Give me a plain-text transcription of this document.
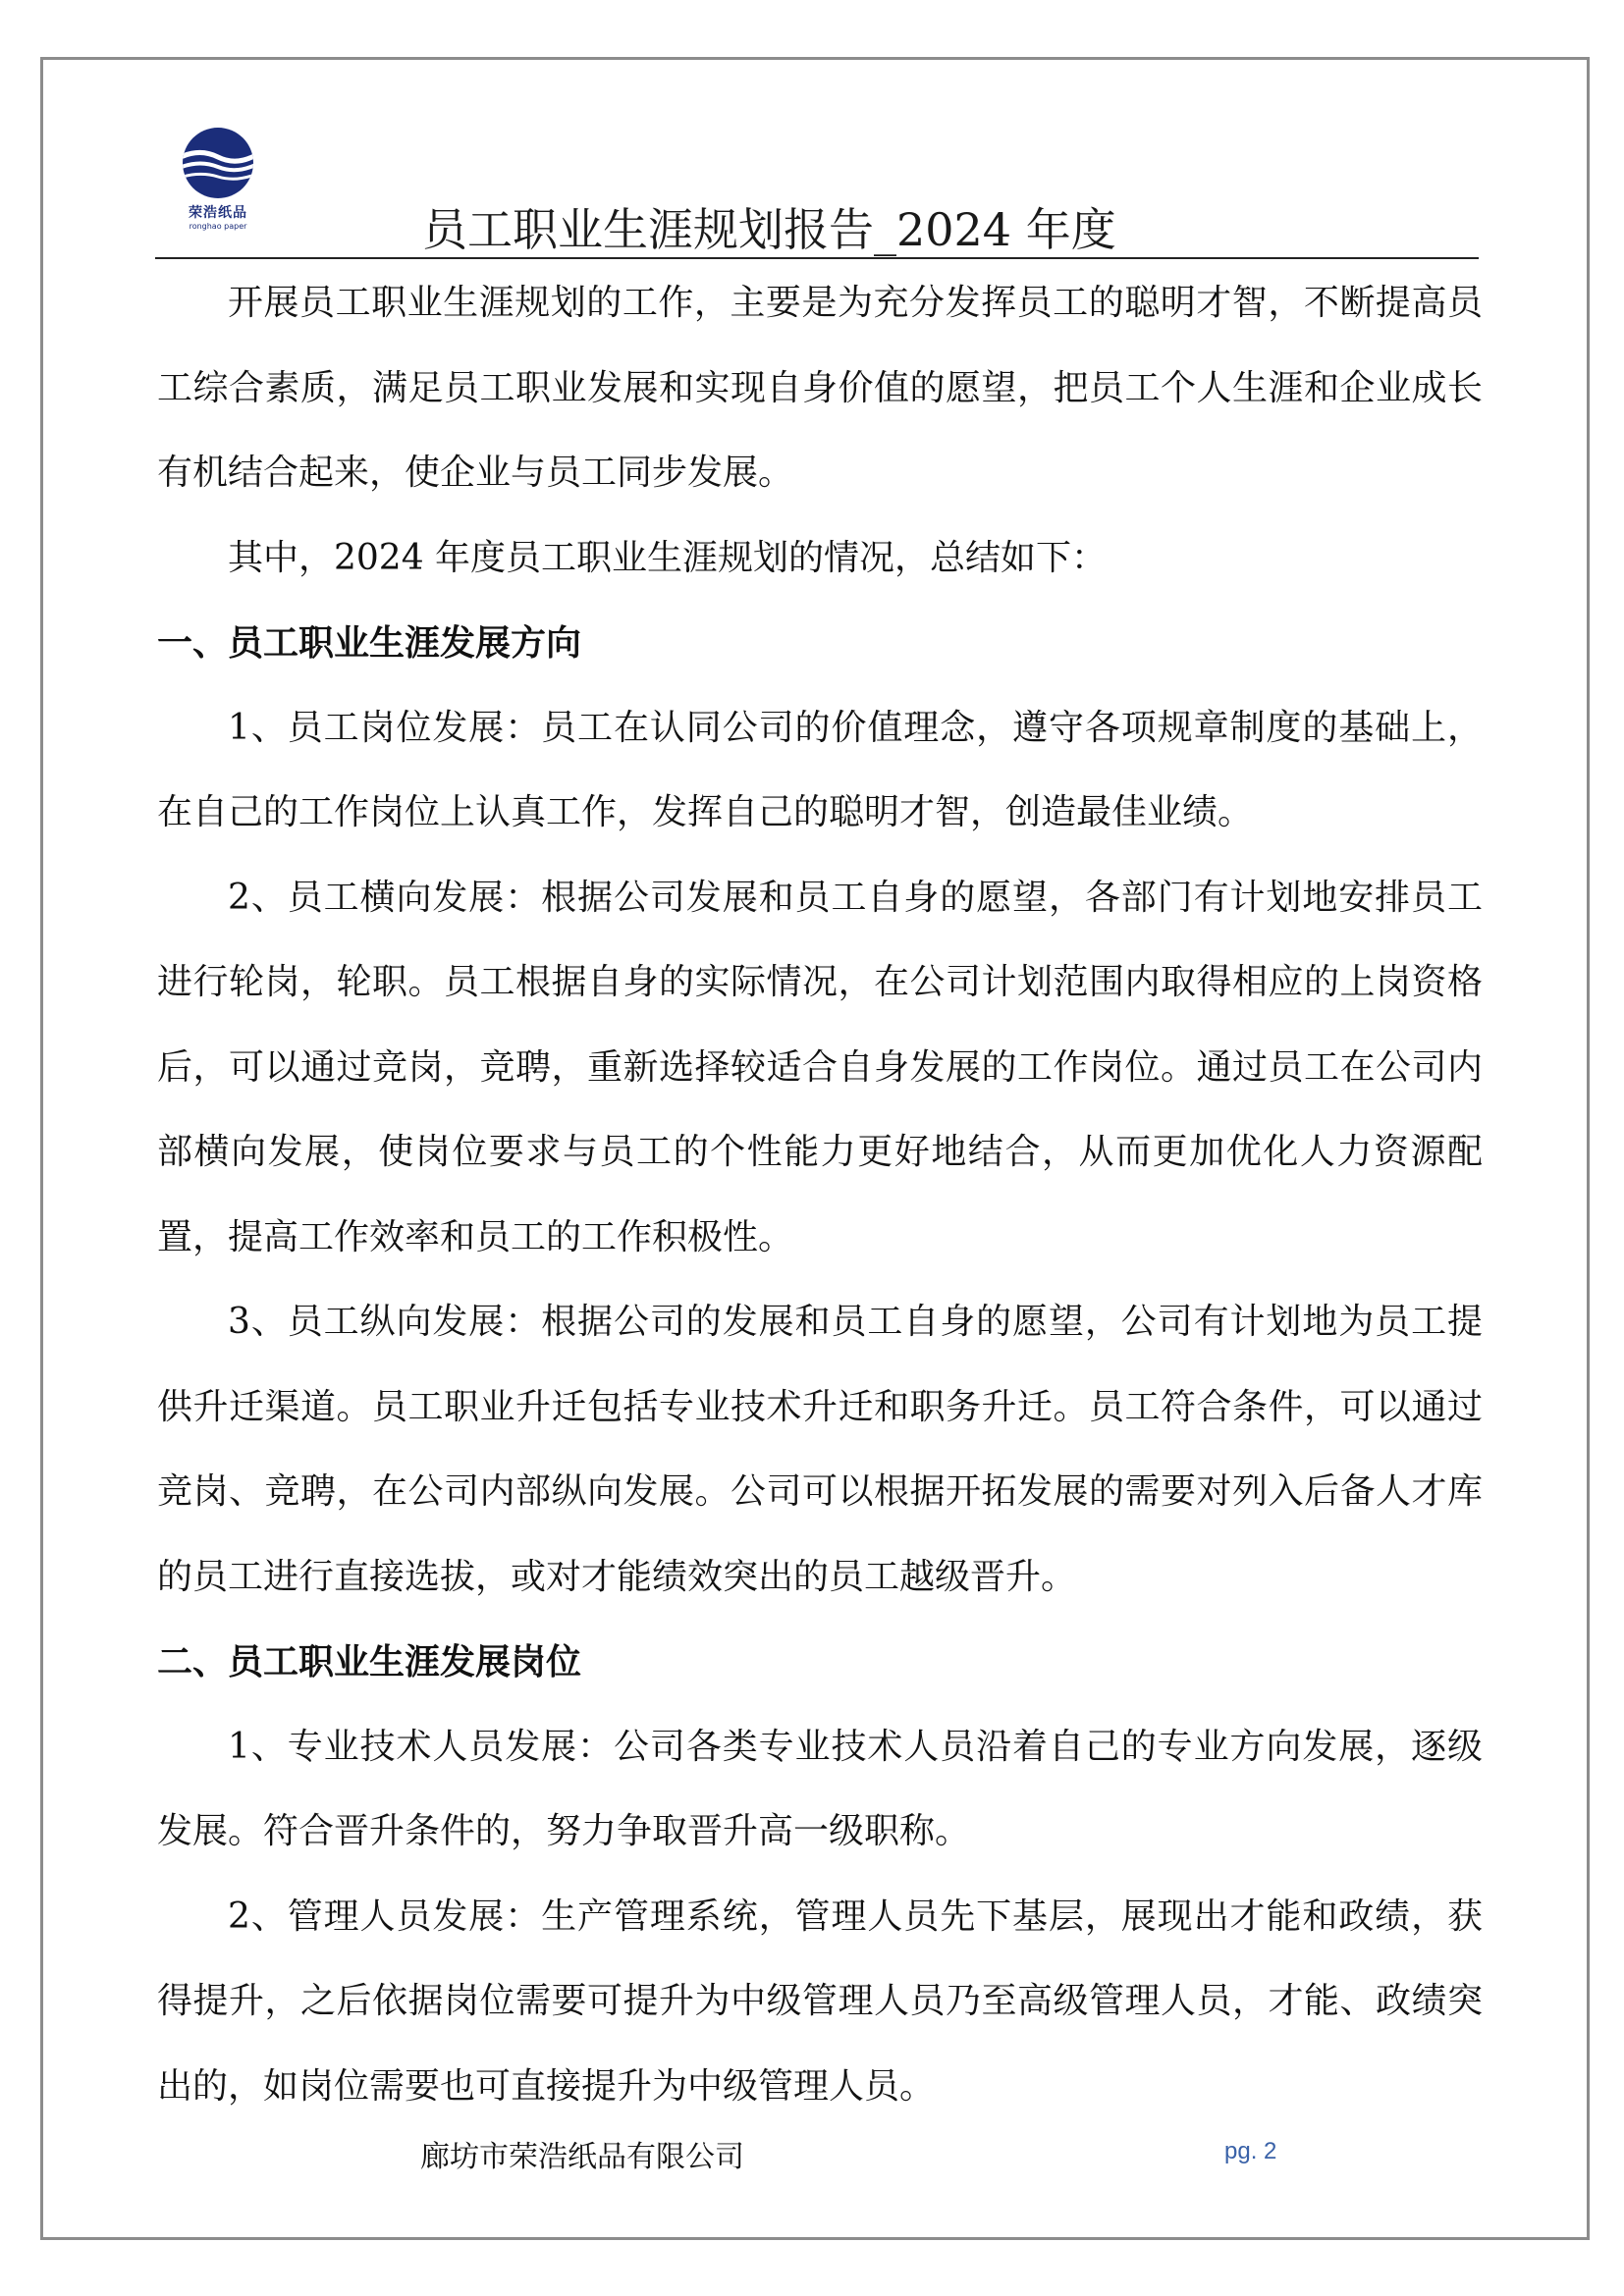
荣浩纸品
ronghao paper	员工职业生涯规划报告_2024 年度

开展员工职业生涯规划的工作，主要是为充分发挥员工的聪明才智，不断提高员工综合素质，满足员工职业发展和实现自身价值的愿望，把员工个人生涯和企业成长有机结合起来，使企业与员工同步发展。

其中，2024 年度员工职业生涯规划的情况，总结如下：

一、员工职业生涯发展方向

1、员工岗位发展：员工在认同公司的价值理念，遵守各项规章制度的基础上，在自己的工作岗位上认真工作，发挥自己的聪明才智，创造最佳业绩。

2、员工横向发展：根据公司发展和员工自身的愿望，各部门有计划地安排员工进行轮岗，轮职。员工根据自身的实际情况，在公司计划范围内取得相应的上岗资格后，可以通过竞岗，竞聘，重新选择较适合自身发展的工作岗位。通过员工在公司内部横向发展，使岗位要求与员工的个性能力更好地结合，从而更加优化人力资源配置，提高工作效率和员工的工作积极性。

3、员工纵向发展：根据公司的发展和员工自身的愿望，公司有计划地为员工提供升迁渠道。员工职业升迁包括专业技术升迁和职务升迁。员工符合条件，可以通过竞岗、竞聘，在公司内部纵向发展。公司可以根据开拓发展的需要对列入后备人才库的员工进行直接选拔，或对才能绩效突出的员工越级晋升。

二、员工职业生涯发展岗位

1、专业技术人员发展：公司各类专业技术人员沿着自己的专业方向发展，逐级发展。符合晋升条件的，努力争取晋升高一级职称。

2、管理人员发展：生产管理系统，管理人员先下基层，展现出才能和政绩，获得提升，之后依据岗位需要可提升为中级管理人员乃至高级管理人员，才能、政绩突出的，如岗位需要也可直接提升为中级管理人员。

廊坊市荣浩纸品有限公司	pg. 2
